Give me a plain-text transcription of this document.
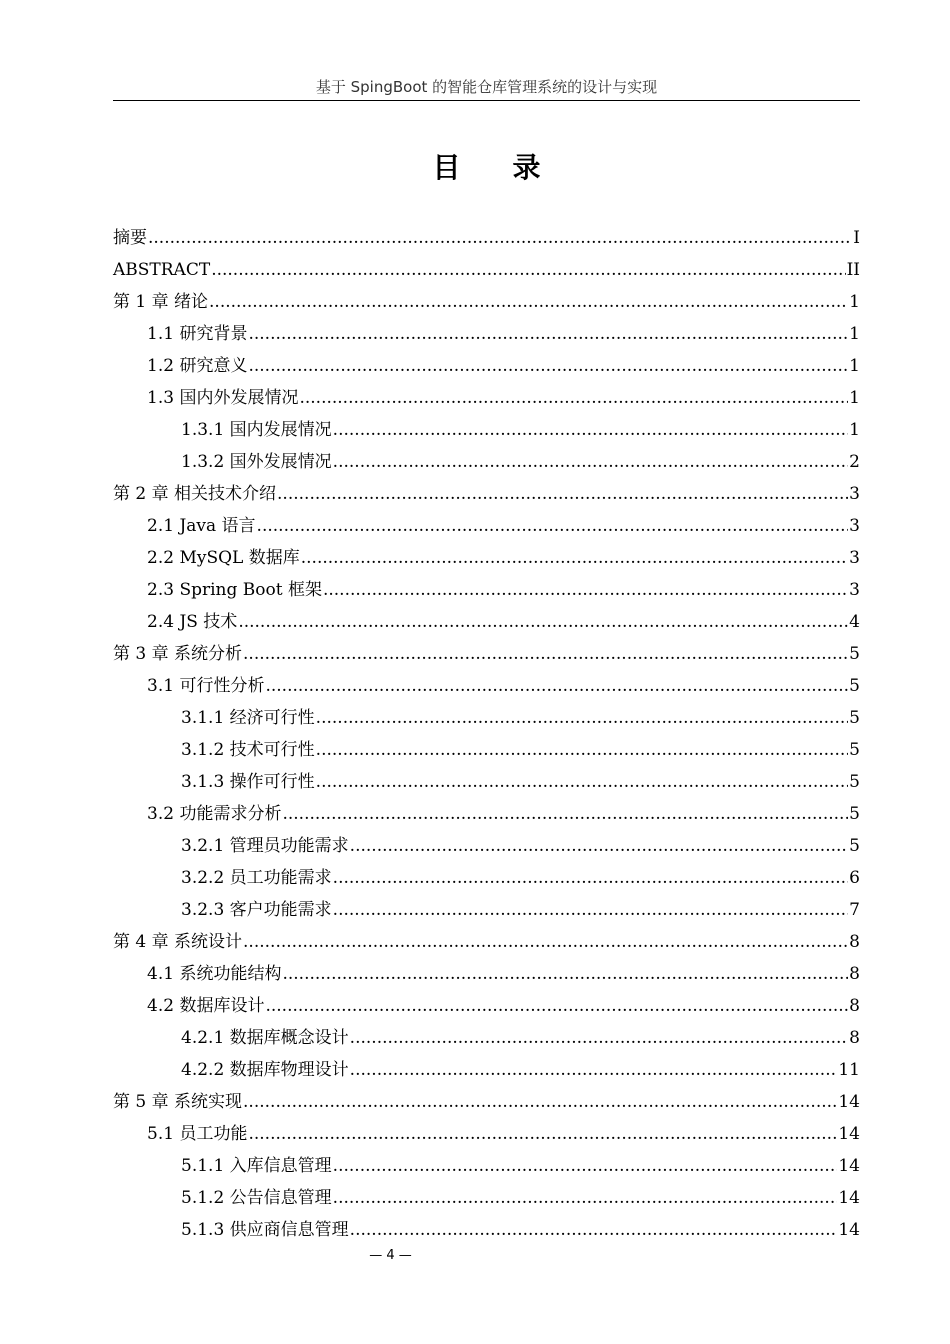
基于 SpingBoot 的智能仓库管理系统的设计与实现
目录
摘要 .....	I
ABSTRACT .....	II
第 1 章 绪论 .....	1
1.1 研究背景 .....	1
1.2 研究意义 .....	1
1.3 国内外发展情况 .....	1
1.3.1 国内发展情况 .....	1
1.3.2 国外发展情况 .....	2
第 2 章 相关技术介绍 .....	3
2.1 Java 语言 .....	3
2.2 MySQL 数据库 .....	3
2.3 Spring Boot 框架 .....	3
2.4 JS 技术 .....	4
第 3 章 系统分析 .....	5
3.1 可行性分析 .....	5
3.1.1 经济可行性 .....	5
3.1.2 技术可行性 .....	5
3.1.3 操作可行性 .....	5
3.2 功能需求分析 .....	5
3.2.1 管理员功能需求 .....	5
3.2.2 员工功能需求 .....	6
3.2.3 客户功能需求 .....	7
第 4 章 系统设计 .....	8
4.1 系统功能结构 .....	8
4.2 数据库设计 .....	8
4.2.1 数据库概念设计 .....	8
4.2.2 数据库物理设计 .....	11
第 5 章 系统实现 .....	14
5.1 员工功能 .....	14
5.1.1 入库信息管理 .....	14
5.1.2 公告信息管理 .....	14
5.1.3 供应商信息管理 .....	14
— 4 —
